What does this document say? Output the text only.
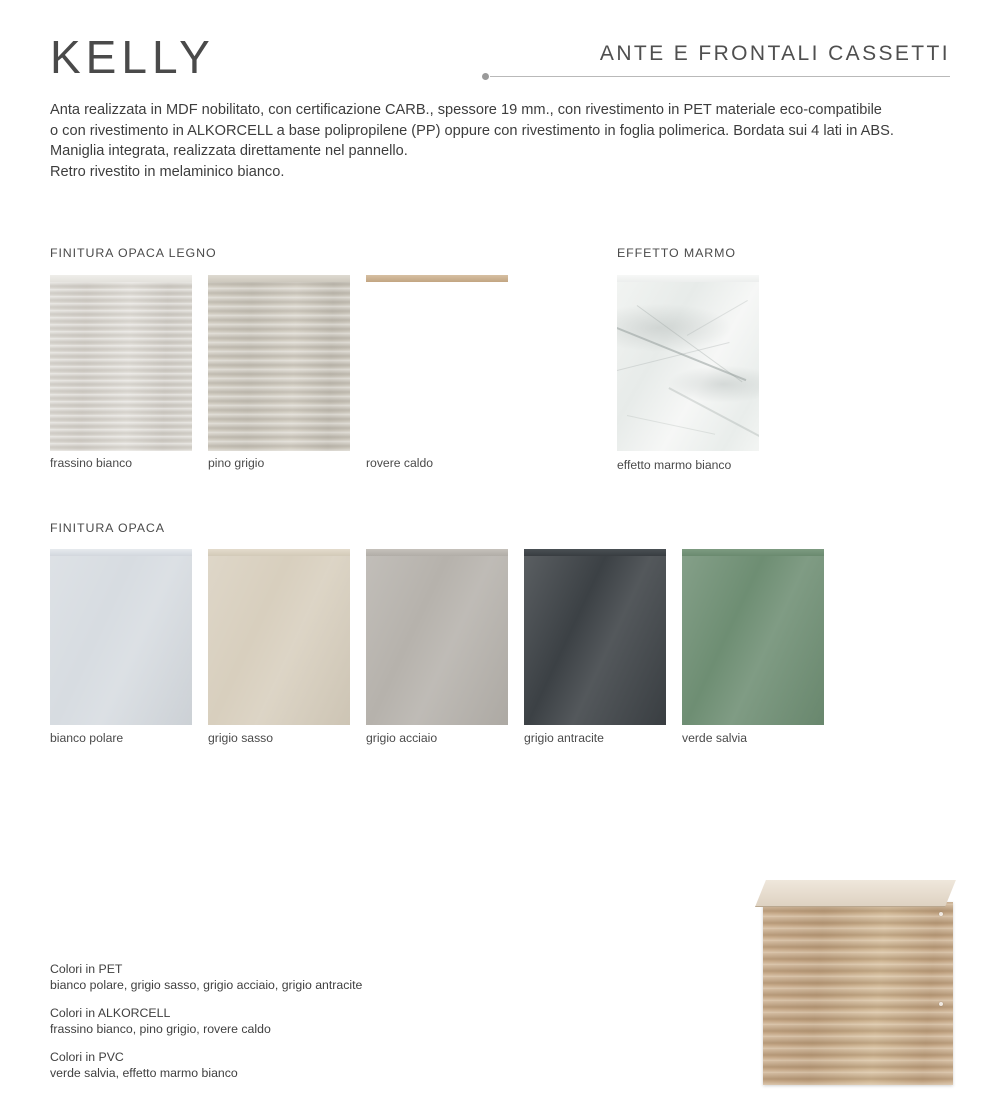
KELLY	ANTE E FRONTALI CASSETTI
Anta realizzata in MDF nobilitato, con certificazione CARB., spessore 19 mm., con rivestimento in PET materiale eco-compatibile
o con rivestimento in ALKORCELL a base polipropilene (PP) oppure con rivestimento in foglia polimerica. Bordata sui 4 lati in ABS.
Maniglia integrata, realizzata direttamente nel pannello.
Retro rivestito in melaminico bianco.
FINITURA OPACA LEGNO
frassino bianco	pino grigio	rovere caldo
EFFETTO MARMO
effetto marmo bianco
FINITURA OPACA
bianco polare	grigio sasso	grigio acciaio	grigio antracite	verde salvia
Colori in PET
bianco polare, grigio sasso, grigio acciaio, grigio antracite
Colori in ALKORCELL
frassino bianco, pino grigio, rovere caldo
Colori in PVC
verde salvia, effetto marmo bianco
